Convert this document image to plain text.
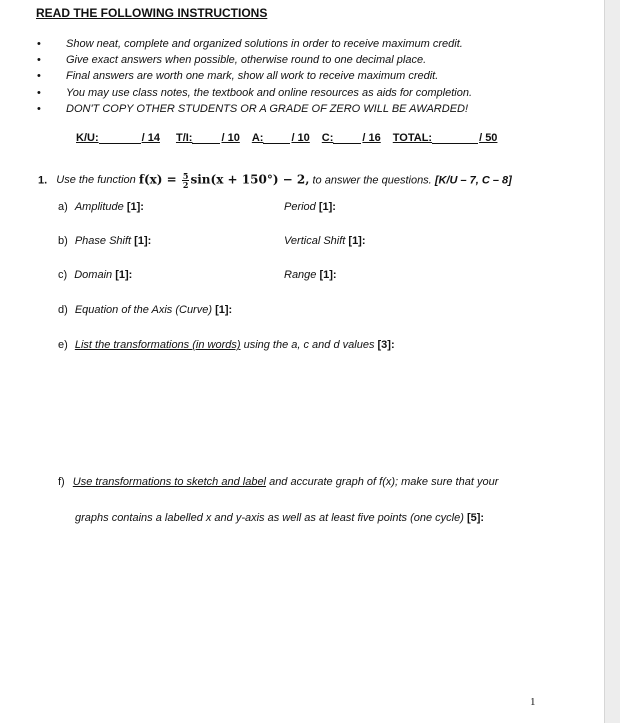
READ THE FOLLOWING INSTRUCTIONS
• Show neat, complete and organized solutions in order to receive maximum credit.
• Give exact answers when possible, otherwise round to one decimal place.
• Final answers are worth one mark, show all work to receive maximum credit.
• You may use class notes, the textbook and online resources as aids for completion.
• DON'T COPY OTHER STUDENTS OR A GRADE OF ZERO WILL BE AWARDED!
K/U:	/ 14 T/I:	/ 10 A:	/ 10 C:	/ 16 TOTAL:	/ 50
1. Use the function $f(x) = \frac{5}{2} \sin(x + 150^\circ) - 2$, to answer the questions. [K/U – 7, C – 8]
a) Amplitude [1]:	Period [1]:
b) Phase Shift [1]:	Vertical Shift [1]:
c) Domain [1]:	Range [1]:
d) Equation of the Axis (Curve) [1]:
e) List the transformations (in words) using the a, c and d values [3]:
f) Use transformations to sketch and label and accurate graph of f(x); make sure that your
graphs contains a labelled x and y-axis as well as at least five points (one cycle) [5]:
1
